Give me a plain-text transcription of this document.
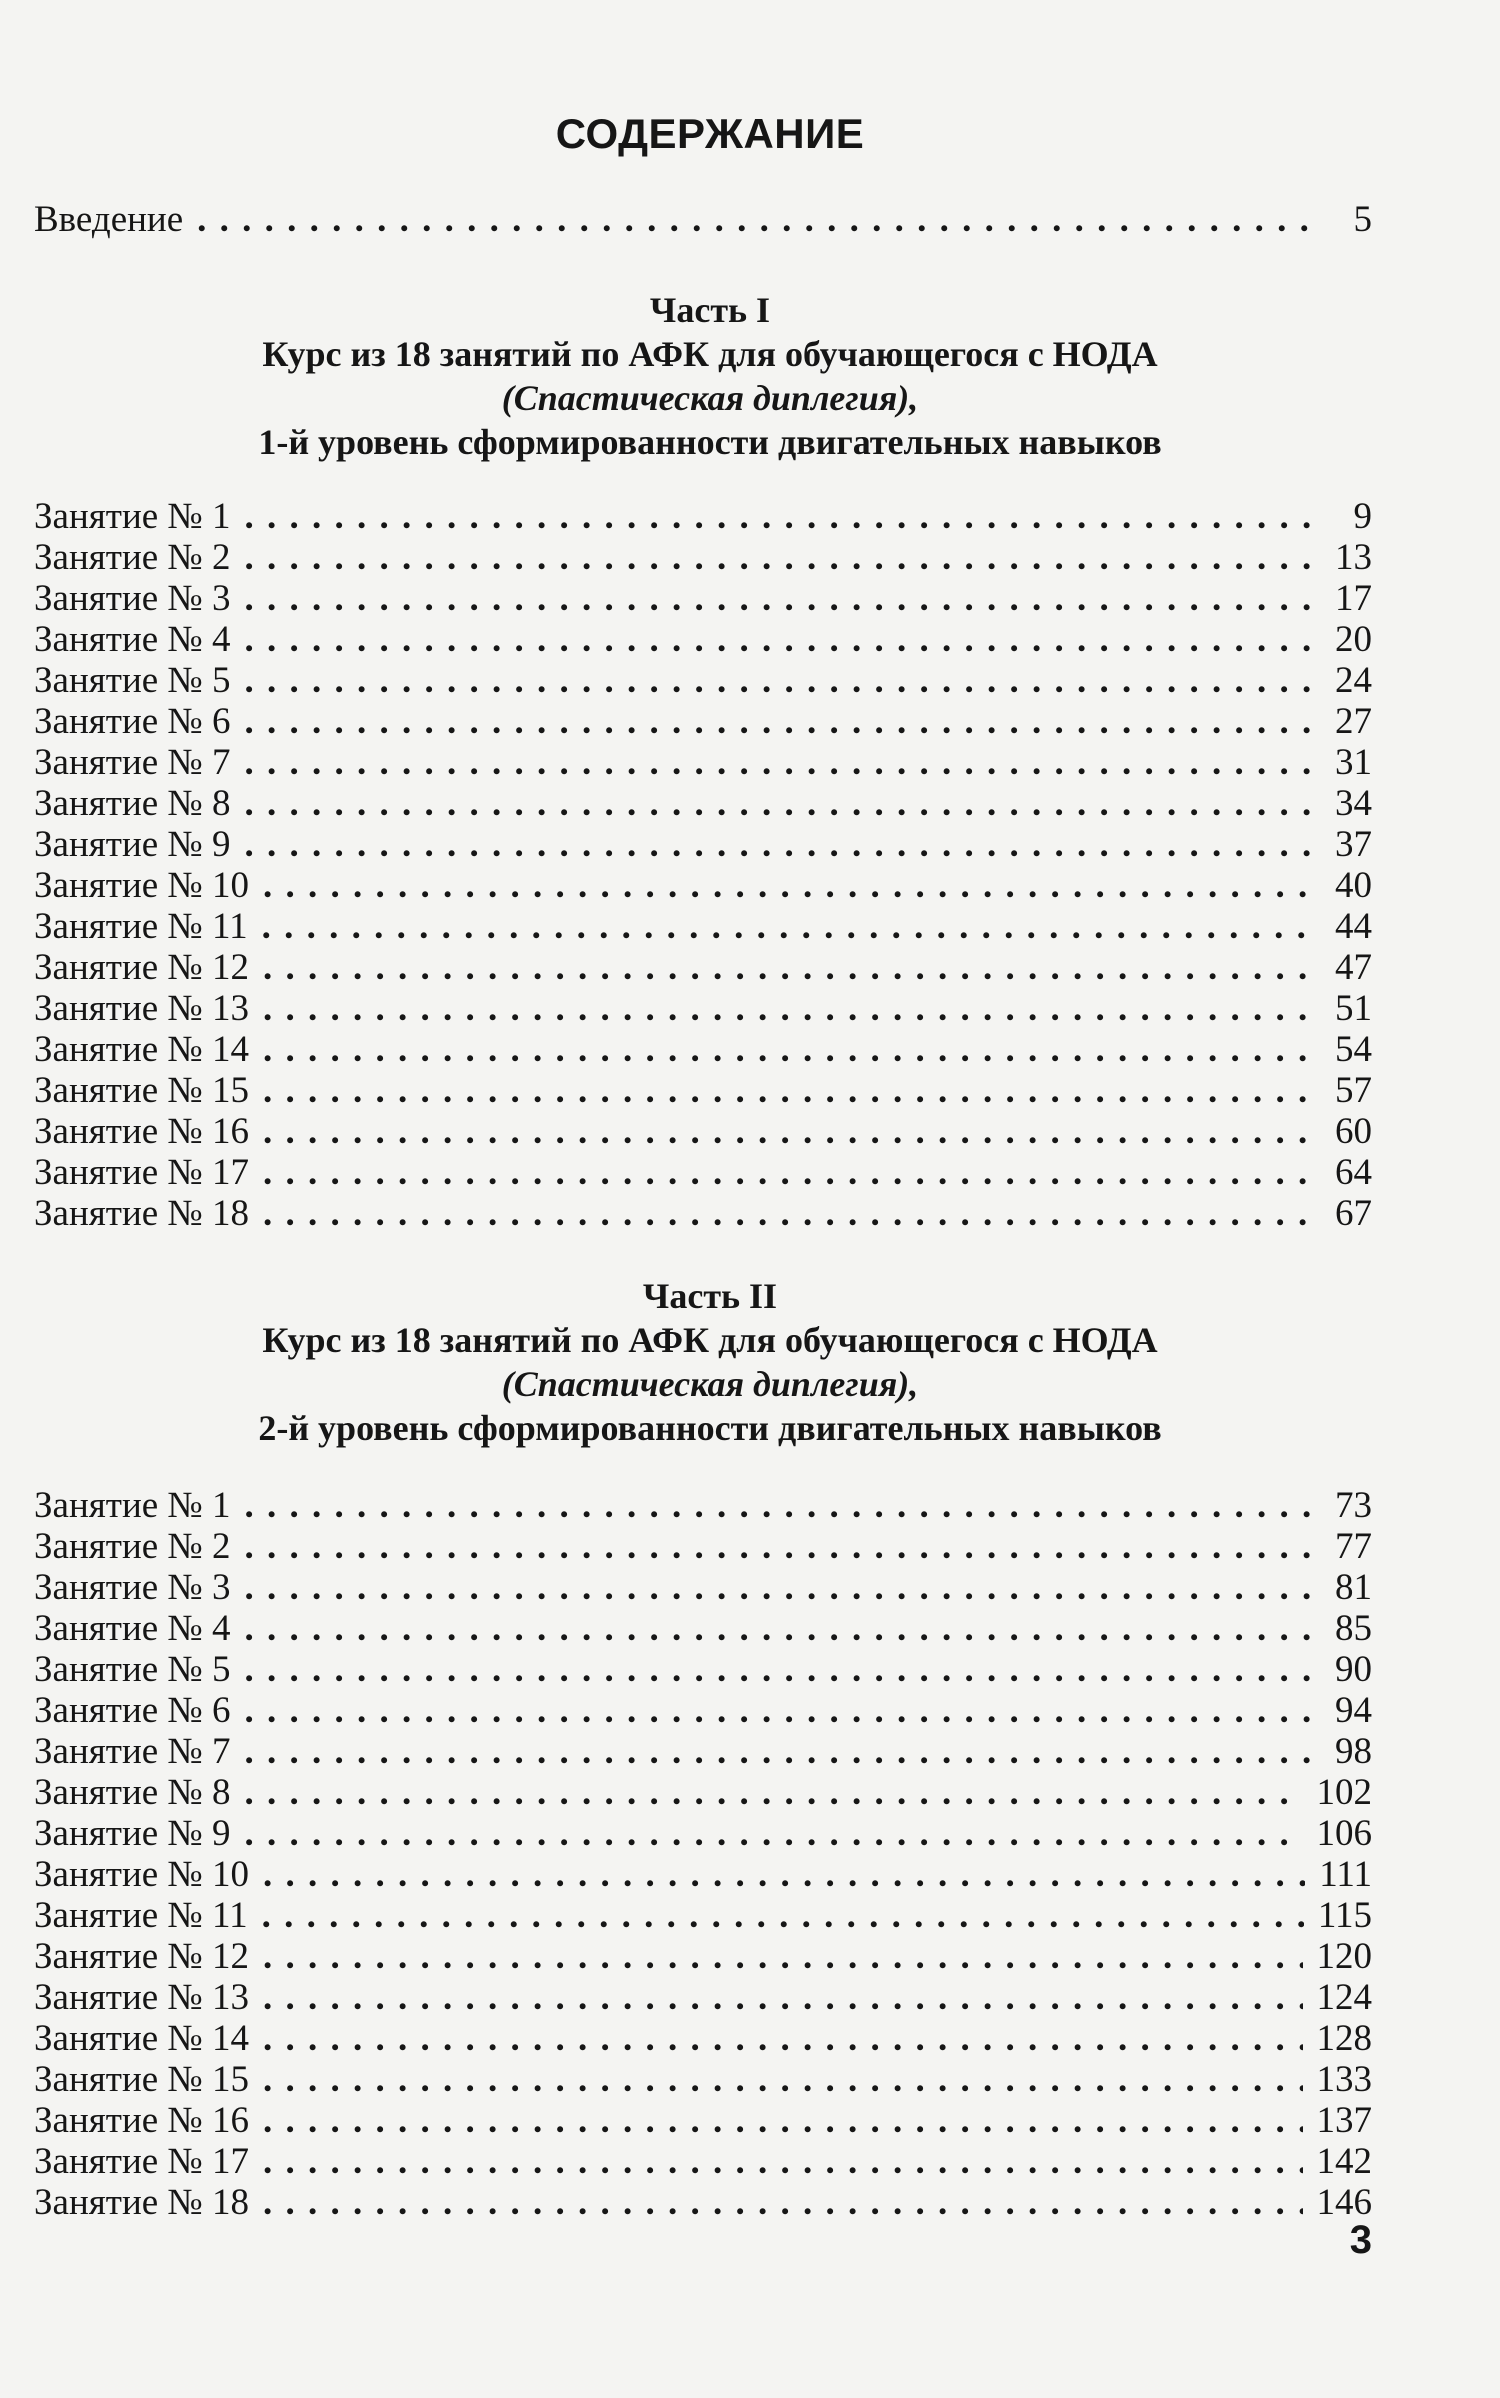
СОДЕРЖАНИЕ
Введение . . .	5
Часть I
Курс из 18 занятий по АФК для обучающегося с НОДА
(Спастическая диплегия),
1-й уровень сформированности двигательных навыков
Занятие № 1 . . .	9
Занятие № 2 . . .	13
Занятие № 3 . . .	17
Занятие № 4 . . .	20
Занятие № 5 . . .	24
Занятие № 6 . . .	27
Занятие № 7 . . .	31
Занятие № 8 . . .	34
Занятие № 9 . . .	37
Занятие № 10 . . .	40
Занятие № 11 . . .	44
Занятие № 12 . . .	47
Занятие № 13 . . .	51
Занятие № 14 . . .	54
Занятие № 15 . . .	57
Занятие № 16 . . .	60
Занятие № 17 . . .	64
Занятие № 18 . . .	67
Часть II
Курс из 18 занятий по АФК для обучающегося с НОДА
(Спастическая диплегия),
2-й уровень сформированности двигательных навыков
Занятие № 1 . . .	73
Занятие № 2 . . .	77
Занятие № 3 . . .	81
Занятие № 4 . . .	85
Занятие № 5 . . .	90
Занятие № 6 . . .	94
Занятие № 7 . . .	98
Занятие № 8 . . .	102
Занятие № 9 . . .	106
Занятие № 10 . . .	111
Занятие № 11 . . .	115
Занятие № 12 . . .	120
Занятие № 13 . . .	124
Занятие № 14 . . .	128
Занятие № 15 . . .	133
Занятие № 16 . . .	137
Занятие № 17 . . .	142
Занятие № 18 . . .	146
3
